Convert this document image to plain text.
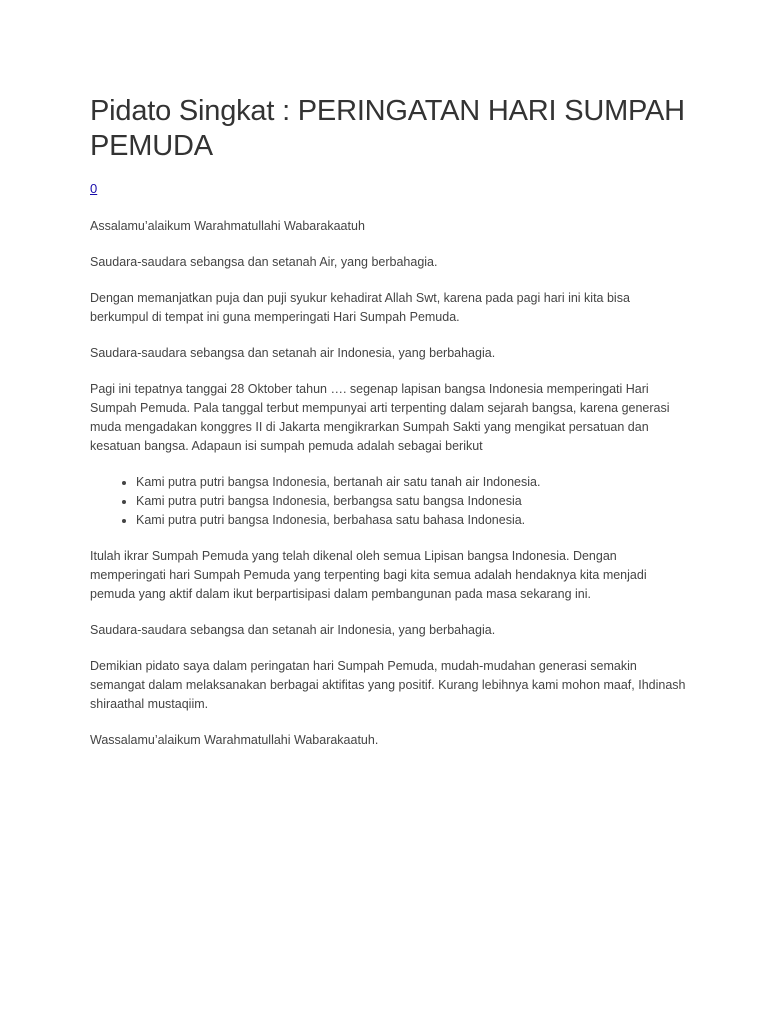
Pidato Singkat : PERINGATAN HARI SUMPAH PEMUDA
0

Assalamu’alaikum Warahmatullahi Wabarakaatuh

Saudara-saudara sebangsa dan setanah Air, yang berbahagia.

Dengan memanjatkan puja dan puji syukur kehadirat Allah Swt, karena pada pagi hari ini kita bisa berkumpul di tempat ini guna memperingati Hari Sumpah Pemuda.

Saudara-saudara sebangsa dan setanah air Indonesia, yang berbahagia.

Pagi ini tepatnya tanggai 28 Oktober tahun …. segenap lapisan bangsa Indonesia memperingati Hari Sumpah Pemuda. Pala tanggal terbut mempunyai arti terpenting dalam sejarah bangsa, karena generasi muda mengadakan konggres II di Jakarta mengikrarkan Sumpah Sakti yang mengikat persatuan dan kesatuan bangsa. Adapaun isi sumpah pemuda adalah sebagai berikut

• Kami putra putri bangsa Indonesia, bertanah air satu tanah air Indonesia.
• Kami putra putri bangsa Indonesia, berbangsa satu bangsa Indonesia
• Kami putra putri bangsa Indonesia, berbahasa satu bahasa Indonesia.

Itulah ikrar Sumpah Pemuda yang telah dikenal oleh semua Lipisan bangsa Indonesia. Dengan memperingati hari Sumpah Pemuda yang terpenting bagi kita semua adalah hendaknya kita menjadi pemuda yang aktif dalam ikut berpartisipasi dalam pembangunan pada masa sekarang ini.

Saudara-saudara sebangsa dan setanah air Indonesia, yang berbahagia.

Demikian pidato saya dalam peringatan hari Sumpah Pemuda, mudah-mudahan generasi semakin semangat dalam melaksanakan berbagai aktifitas yang positif. Kurang lebihnya kami mohon maaf, Ihdinash shiraathal mustaqiim.

Wassalamu’alaikum Warahmatullahi Wabarakaatuh.
